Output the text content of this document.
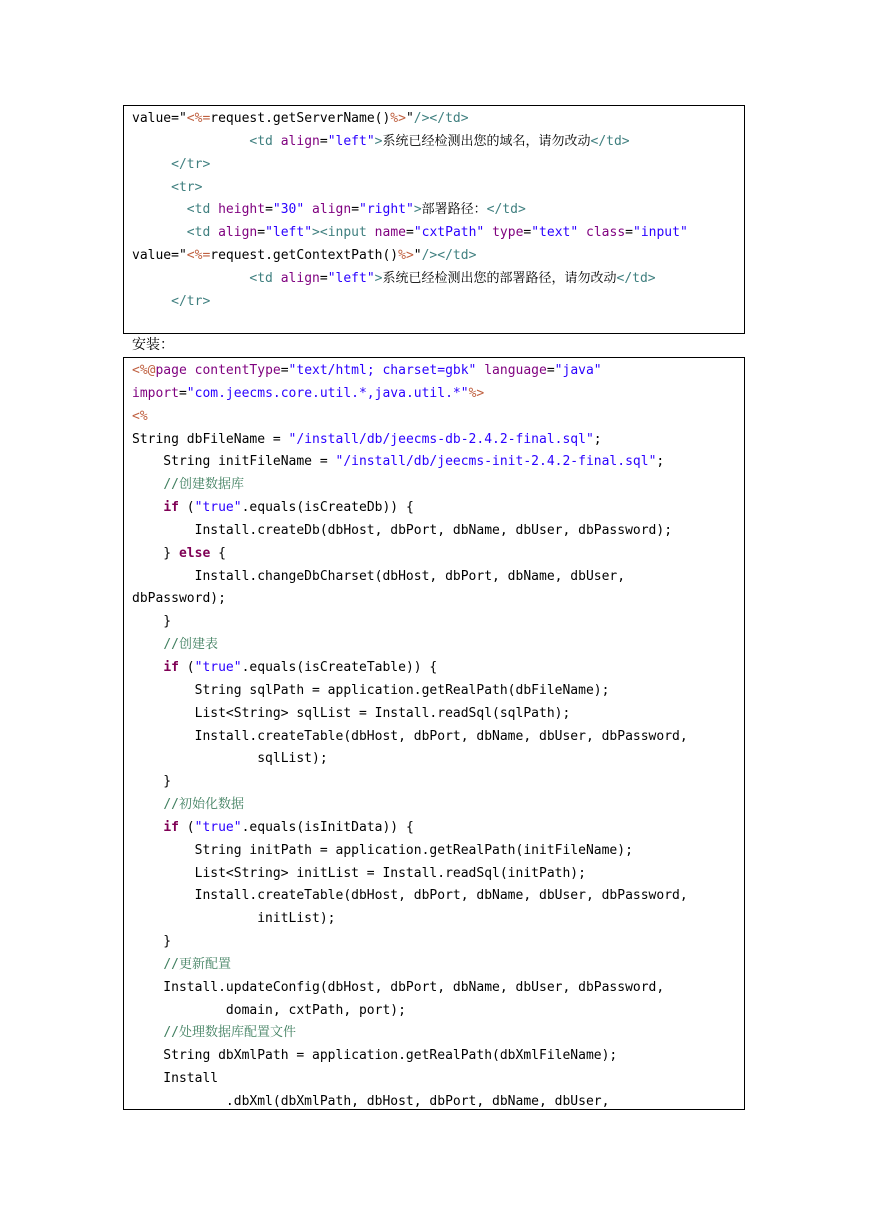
value="<%=request.getServerName()%>"/></td>
<td align="left">系统已经检测出您的域名，请勿改动</td>
</tr>
<tr>
<td height="30" align="right">部署路径：</td>
<td align="left"><input name="cxtPath" type="text" class="input"
value="<%=request.getContextPath()%>"/></td>
<td align="left">系统已经检测出您的部署路径，请勿改动</td>
</tr>
安装：
<%@page contentType="text/html; charset=gbk" language="java"
import="com.jeecms.core.util.*,java.util.*"%>
<%
String dbFileName = "/install/db/jeecms-db-2.4.2-final.sql";
String initFileName = "/install/db/jeecms-init-2.4.2-final.sql";
//创建数据库
if ("true".equals(isCreateDb)) {
Install.createDb(dbHost, dbPort, dbName, dbUser, dbPassword);
} else {
Install.changeDbCharset(dbHost, dbPort, dbName, dbUser,
dbPassword);
}
//创建表
if ("true".equals(isCreateTable)) {
String sqlPath = application.getRealPath(dbFileName);
List<String> sqlList = Install.readSql(sqlPath);
Install.createTable(dbHost, dbPort, dbName, dbUser, dbPassword,
sqlList);
}
//初始化数据
if ("true".equals(isInitData)) {
String initPath = application.getRealPath(initFileName);
List<String> initList = Install.readSql(initPath);
Install.createTable(dbHost, dbPort, dbName, dbUser, dbPassword,
initList);
}
//更新配置
Install.updateConfig(dbHost, dbPort, dbName, dbUser, dbPassword,
domain, cxtPath, port);
//处理数据库配置文件
String dbXmlPath = application.getRealPath(dbXmlFileName);
Install
.dbXml(dbXmlPath, dbHost, dbPort, dbName, dbUser,
